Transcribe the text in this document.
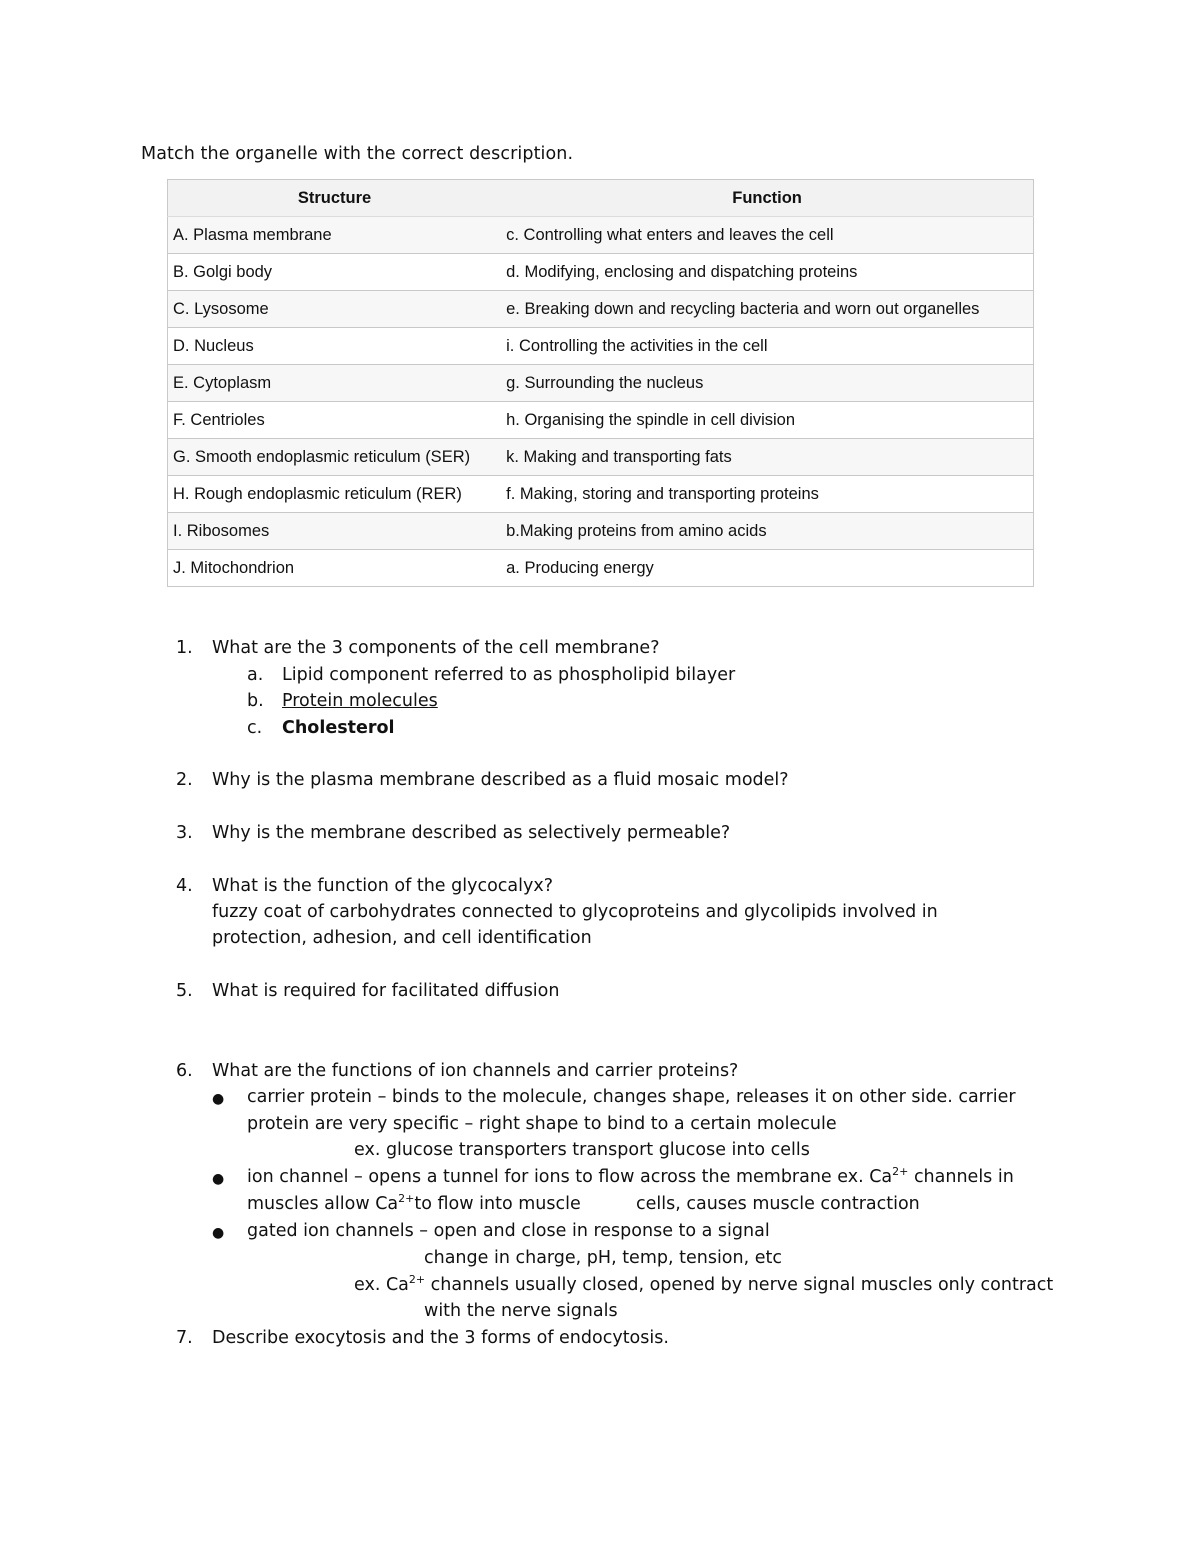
Match the organelle with the correct description.
Structure	Function
A. Plasma membrane	c. Controlling what enters and leaves the cell
B. Golgi body	d. Modifying, enclosing and dispatching proteins
C. Lysosome	e. Breaking down and recycling bacteria and worn out organelles
D. Nucleus	i. Controlling the activities in the cell
E. Cytoplasm	g. Surrounding the nucleus
F. Centrioles	h. Organising the spindle in cell division
G. Smooth endoplasmic reticulum (SER)	k. Making and transporting fats
H. Rough endoplasmic reticulum (RER)	f. Making, storing and transporting proteins
I. Ribosomes	b.Making proteins from amino acids
J. Mitochondrion	a. Producing energy
1.	What are the 3 components of the cell membrane?
a.	Lipid component referred to as phospholipid bilayer
b.	Protein molecules
c.	Cholesterol
2.	Why is the plasma membrane described as a fluid mosaic model?
3.	Why is the membrane described as selectively permeable?
4.	What is the function of the glycocalyx?
fuzzy coat of carbohydrates connected to glycoproteins and glycolipids involved in
protection, adhesion, and cell identification
5.	What is required for facilitated diffusion
6.	What are the functions of ion channels and carrier proteins?
● carrier protein – binds to the molecule, changes shape, releases it on other side. carrier
protein are very specific – right shape to bind to a certain molecule
ex. glucose transporters transport glucose into cells
● ion channel – opens a tunnel for ions to flow across the membrane ex. $Ca^{2+}$ channels in
muscles allow $Ca^{2+}to$ flow into muscle	cells, causes muscle contraction
● gated ion channels – open and close in response to a signal
change in charge, pH, temp, tension, etc
ex. $Ca^{2+}$ channels usually closed, opened by nerve signal muscles only contract
with the nerve signals
7.	Describe exocytosis and the 3 forms of endocytosis.
